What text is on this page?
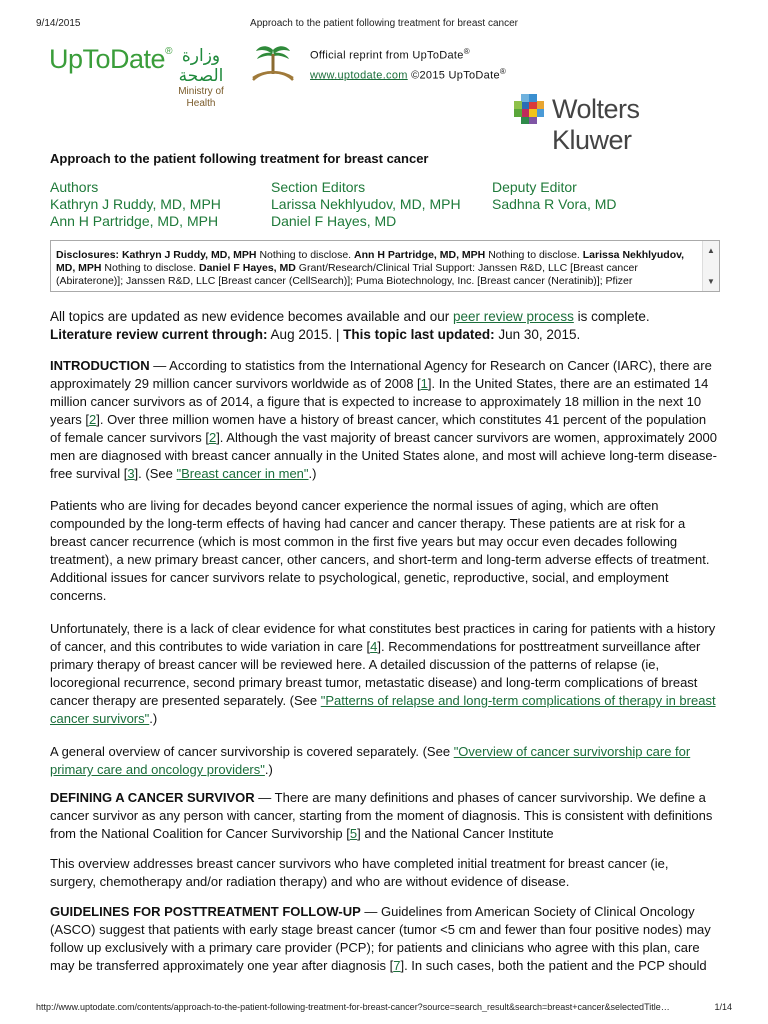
9/14/2015	Approach to the patient following treatment for breast cancer
UpToDate® وزارة الصحة
Ministry of Health
Official reprint from UpToDate®
www.uptodate.com ©2015 UpToDate®
Wolters Kluwer
Approach to the patient following treatment for breast cancer
Authors
Kathryn J Ruddy, MD, MPH
Ann H Partridge, MD, MPH
Section Editors
Larissa Nekhlyudov, MD, MPH
Daniel F Hayes, MD
Deputy Editor
Sadhna R Vora, MD
Disclosures: Kathryn J Ruddy, MD, MPH Nothing to disclose. Ann H Partridge, MD, MPH Nothing to disclose. Larissa Nekhlyudov, MD, MPH Nothing to disclose. Daniel F Hayes, MD Grant/Research/Clinical Trial Support: Janssen R&D, LLC [Breast cancer (Abiraterone)]; Janssen R&D, LLC [Breast cancer (CellSearch)]; Puma Biotechnology, Inc. [Breast cancer (Neratinib)]; Pfizer
▲
▼

All topics are updated as new evidence becomes available and our peer review process is complete.

Literature review current through: Aug 2015. | This topic last updated: Jun 30, 2015.

INTRODUCTION — According to statistics from the International Agency for Research on Cancer (IARC), there are approximately 29 million cancer survivors worldwide as of 2008 [1]. In the United States, there are an estimated 14 million cancer survivors as of 2014, a figure that is expected to increase to approximately 18 million in the next 10 years [2]. Over three million women have a history of breast cancer, which constitutes 41 percent of the population of female cancer survivors [2]. Although the vast majority of breast cancer survivors are women, approximately 2000 men are diagnosed with breast cancer annually in the United States alone, and most will achieve long-term disease-free survival [3]. (See "Breast cancer in men".)

Patients who are living for decades beyond cancer experience the normal issues of aging, which are often compounded by the long-term effects of having had cancer and cancer therapy. These patients are at risk for a breast cancer recurrence (which is most common in the first five years but may occur even decades following treatment), a new primary breast cancer, other cancers, and short-term and long-term adverse effects of treatment. Additional issues for cancer survivors relate to psychological, genetic, reproductive, social, and employment concerns.

Unfortunately, there is a lack of clear evidence for what constitutes best practices in caring for patients with a history of cancer, and this contributes to wide variation in care [4]. Recommendations for posttreatment surveillance after primary therapy of breast cancer will be reviewed here. A detailed discussion of the patterns of relapse (ie, locoregional recurrence, second primary breast tumor, metastatic disease) and long-term complications of breast cancer therapy are presented separately. (See "Patterns of relapse and long-term complications of therapy in breast cancer survivors".)

A general overview of cancer survivorship is covered separately. (See "Overview of cancer survivorship care for primary care and oncology providers".)

DEFINING A CANCER SURVIVOR — There are many definitions and phases of cancer survivorship. We define a cancer survivor as any person with cancer, starting from the moment of diagnosis. This is consistent with definitions from the National Coalition for Cancer Survivorship [5] and the National Cancer Institute

This overview addresses breast cancer survivors who have completed initial treatment for breast cancer (ie, surgery, chemotherapy and/or radiation therapy) and who are without evidence of disease.

GUIDELINES FOR POSTTREATMENT FOLLOW-UP — Guidelines from American Society of Clinical Oncology (ASCO) suggest that patients with early stage breast cancer (tumor <5 cm and fewer than four positive nodes) may follow up exclusively with a primary care provider (PCP); for patients and clinicians who agree with this plan, care may be transferred approximately one year after diagnosis [7]. In such cases, both the patient and the PCP should

http://www.uptodate.com/contents/approach-to-the-patient-following-treatment-for-breast-cancer?source=search_result&search=breast+cancer&selectedTitle…	1/14
